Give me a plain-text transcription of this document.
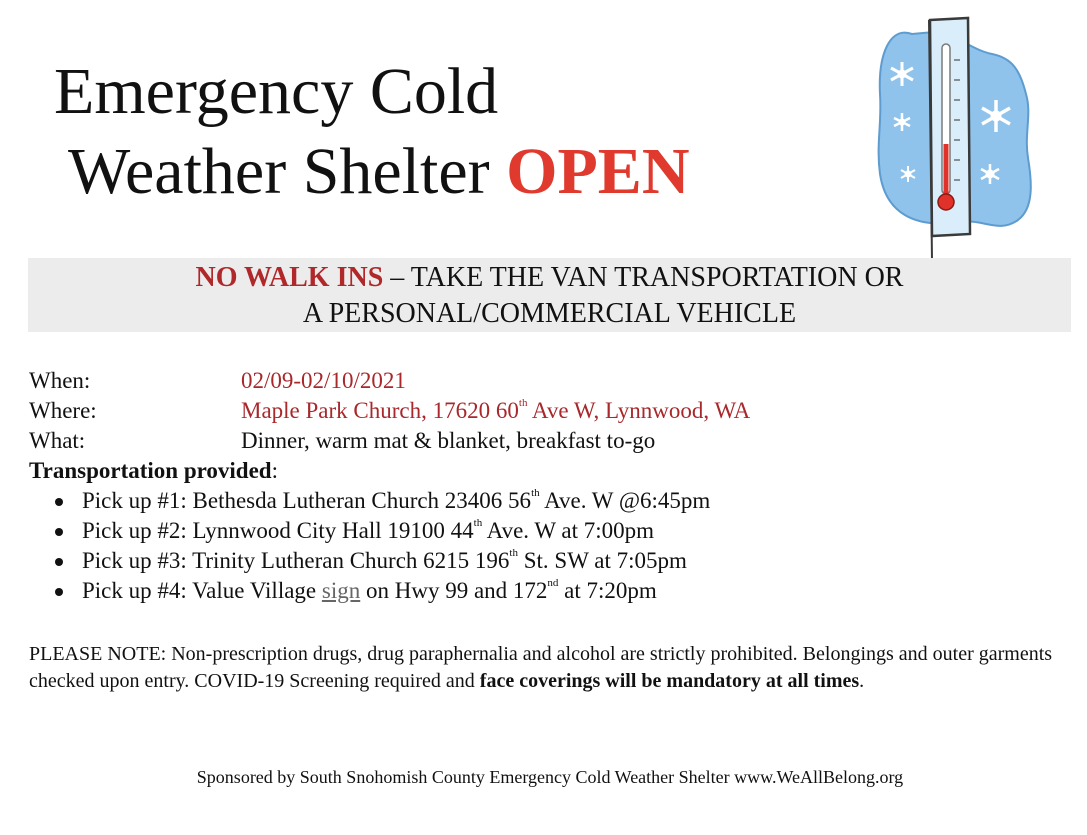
Emergency Cold
Weather Shelter OPEN
NO WALK INS – TAKE THE VAN TRANSPORTATION OR
A PERSONAL/COMMERCIAL VEHICLE
When:	02/09-02/10/2021
Where:	Maple Park Church, 17620 60th Ave W, Lynnwood, WA
What:	Dinner, warm mat & blanket, breakfast to-go
Transportation provided:
Pick up #1: Bethesda Lutheran Church 23406 56th Ave. W @6:45pm
Pick up #2: Lynnwood City Hall 19100 44th Ave. W at 7:00pm
Pick up #3: Trinity Lutheran Church 6215 196th St. SW at 7:05pm
Pick up #4: Value Village sign on Hwy 99 and 172nd at 7:20pm

PLEASE NOTE: Non-prescription drugs, drug paraphernalia and alcohol are strictly prohibited. Belongings and outer garments checked upon entry. COVID-19 Screening required and face coverings will be mandatory at all times.

Sponsored by South Snohomish County Emergency Cold Weather Shelter www.WeAllBelong.org
